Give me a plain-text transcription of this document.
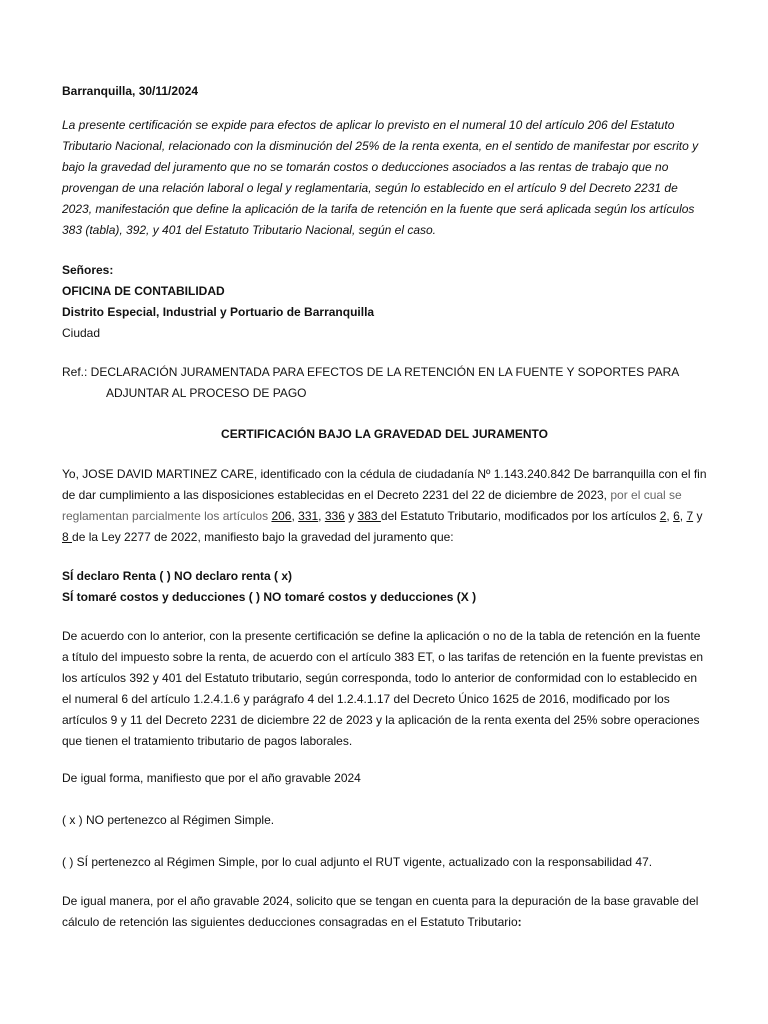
Barranquilla, 30/11/2024

La presente certificación se expide para efectos de aplicar lo previsto en el numeral 10 del artículo 206 del Estatuto Tributario Nacional, relacionado con la disminución del 25% de la renta exenta, en el sentido de manifestar por escrito y bajo la gravedad del juramento que no se tomarán costos o deducciones asociados a las rentas de trabajo que no provengan de una relación laboral o legal y reglamentaria, según lo establecido en el artículo 9 del Decreto 2231 de 2023, manifestación que define la aplicación de la tarifa de retención en la fuente que será aplicada según los artículos 383 (tabla), 392, y 401 del Estatuto Tributario Nacional, según el caso.

Señores:

OFICINA DE CONTABILIDAD

Distrito Especial, Industrial y Portuario de Barranquilla

Ciudad

Ref.: DECLARACIÓN JURAMENTADA PARA EFECTOS DE LA RETENCIÓN EN LA FUENTE Y SOPORTES PARA

ADJUNTAR AL PROCESO DE PAGO

CERTIFICACIÓN BAJO LA GRAVEDAD DEL JURAMENTO

Yo, JOSE DAVID MARTINEZ CARE, identificado con la cédula de ciudadanía Nº 1.143.240.842 De barranquilla con el fin de dar cumplimiento a las disposiciones establecidas en el Decreto 2231 del 22 de diciembre de 2023, por el cual se reglamentan parcialmente los artículos 206, 331, 336 y 383 del Estatuto Tributario, modificados por los artículos 2, 6, 7 y 8 de la Ley 2277 de 2022, manifiesto bajo la gravedad del juramento que:

SÍ declaro Renta ( ) NO declaro renta ( x)

SÍ tomaré costos y deducciones ( ) NO tomaré costos y deducciones (X )

De acuerdo con lo anterior, con la presente certificación se define la aplicación o no de la tabla de retención en la fuente a título del impuesto sobre la renta, de acuerdo con el artículo 383 ET, o las tarifas de retención en la fuente previstas en los artículos 392 y 401 del Estatuto tributario, según corresponda, todo lo anterior de conformidad con lo establecido en el numeral 6 del artículo 1.2.4.1.6 y parágrafo 4 del 1.2.4.1.17 del Decreto Único 1625 de 2016, modificado por los artículos 9 y 11 del Decreto 2231 de diciembre 22 de 2023 y la aplicación de la renta exenta del 25% sobre operaciones que tienen el tratamiento tributario de pagos laborales.

De igual forma, manifiesto que por el año gravable 2024

( x ) NO pertenezco al Régimen Simple.

( ) SÍ pertenezco al Régimen Simple, por lo cual adjunto el RUT vigente, actualizado con la responsabilidad 47.

De igual manera, por el año gravable 2024, solicito que se tengan en cuenta para la depuración de la base gravable del cálculo de retención las siguientes deducciones consagradas en el Estatuto Tributario:
